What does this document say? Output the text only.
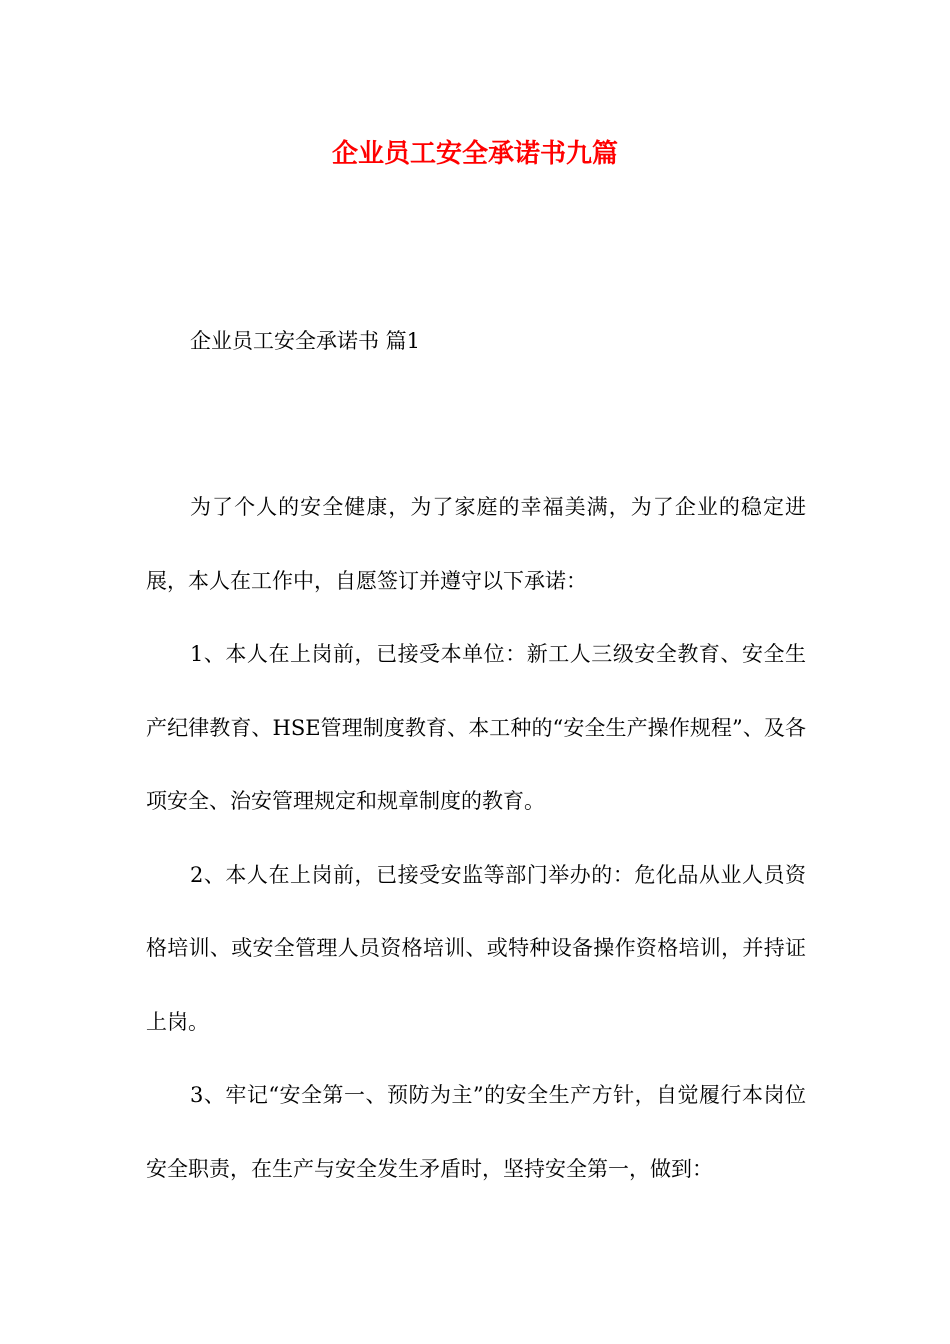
企业员工安全承诺书九篇

企业员工安全承诺书 篇1

为了个人的安全健康，为了家庭的幸福美满，为了企业的稳定进展，本人在工作中，自愿签订并遵守以下承诺：

1、本人在上岗前，已接受本单位：新工人三级安全教育、安全生产纪律教育、HSE管理制度教育、本工种的“安全生产操作规程”、及各项安全、治安管理规定和规章制度的教育。

2、本人在上岗前，已接受安监等部门举办的：危化品从业人员资格培训、或安全管理人员资格培训、或特种设备操作资格培训，并持证上岗。

3、牢记“安全第一、预防为主”的安全生产方针，自觉履行本岗位安全职责，在生产与安全发生矛盾时，坚持安全第一，做到：
